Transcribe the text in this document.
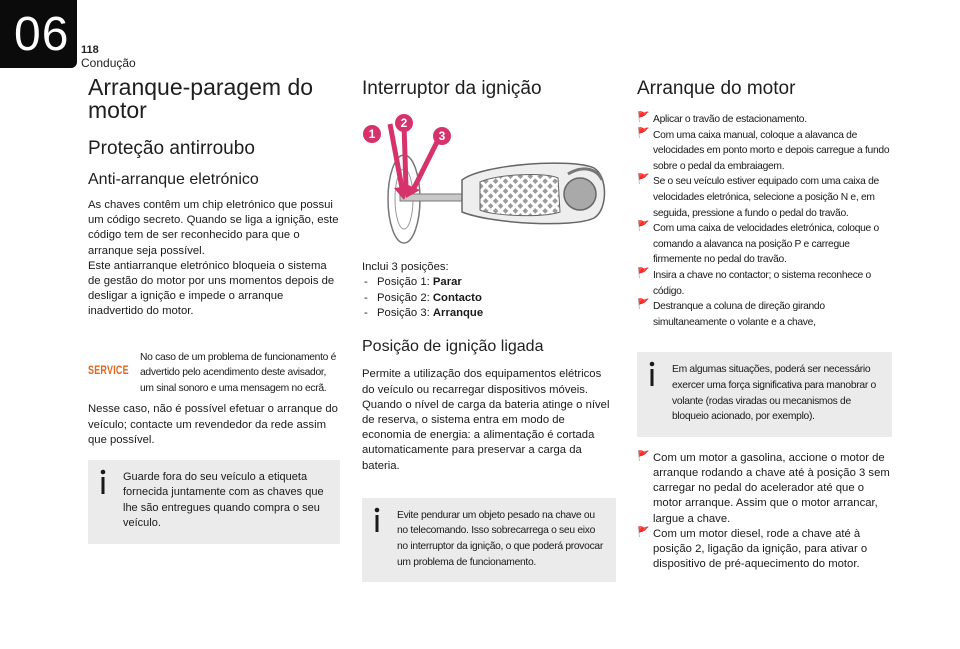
06 118
Condução
Arranque-paragem do motor
Proteção antirroubo
Anti-arranque eletrónico

As chaves contêm um chip eletrónico que possui um código secreto. Quando se liga a ignição, este código tem de ser reconhecido para que o arranque seja possível.

Este antiarranque eletrónico bloqueia o sistema de gestão do motor por uns momentos depois de desligar a ignição e impede o arranque inadvertido do motor.

SERVICE

No caso de um problema de funcionamento é advertido pelo acendimento deste avisador, um sinal sonoro e uma mensagem no ecrã.

Nesse caso, não é possível efetuar o arranque do veículo; contacte um revendedor da rede assim que possível.

Guarde fora do seu veículo a etiqueta fornecida juntamente com as chaves que lhe são entregues quando compra o seu veículo.

Interruptor da ignição
1
2
3

Inclui 3 posições:

- Posição 1: Parar
- Posição 2: Contacto
- Posição 3: Arranque
Posição de ignição ligada

Permite a utilização dos equipamentos elétricos do veículo ou recarregar dispositivos móveis.

Quando o nível de carga da bateria atinge o nível de reserva, o sistema entra em modo de economia de energia: a alimentação é cortada automaticamente para preservar a carga da bateria.

Evite pendurar um objeto pesado na chave ou no telecomando. Isso sobrecarrega o seu eixo no interruptor da ignição, o que poderá provocar um problema de funcionamento.

Arranque do motor
🚩 Aplicar o travão de estacionamento.

🚩 Com uma caixa manual, coloque a alavanca de velocidades em ponto morto e depois carregue a fundo sobre o pedal da embraiagem.

🚩 Se o seu veículo estiver equipado com uma caixa de velocidades eletrónica, selecione a posição N e, em seguida, pressione a fundo o pedal do travão.

🚩 Com uma caixa de velocidades eletrónica, coloque o comando a alavanca na posição P e carregue firmemente no pedal do travão.

🚩 Insira a chave no contactor; o sistema reconhece o código.

🚩 Destranque a coluna de direção girando simultaneamente o volante e a chave,

Em algumas situações, poderá ser necessário exercer uma força significativa para manobrar o volante (rodas viradas ou mecanismos de bloqueio acionado, por exemplo).

🚩 Com um motor a gasolina, accione o motor de arranque rodando a chave até à posição 3 sem carregar no pedal do acelerador até que o motor arranque. Assim que o motor arrancar, largue a chave.

🚩 Com um motor diesel, rode a chave até à posição 2, ligação da ignição, para ativar o dispositivo de pré-aquecimento do motor.
